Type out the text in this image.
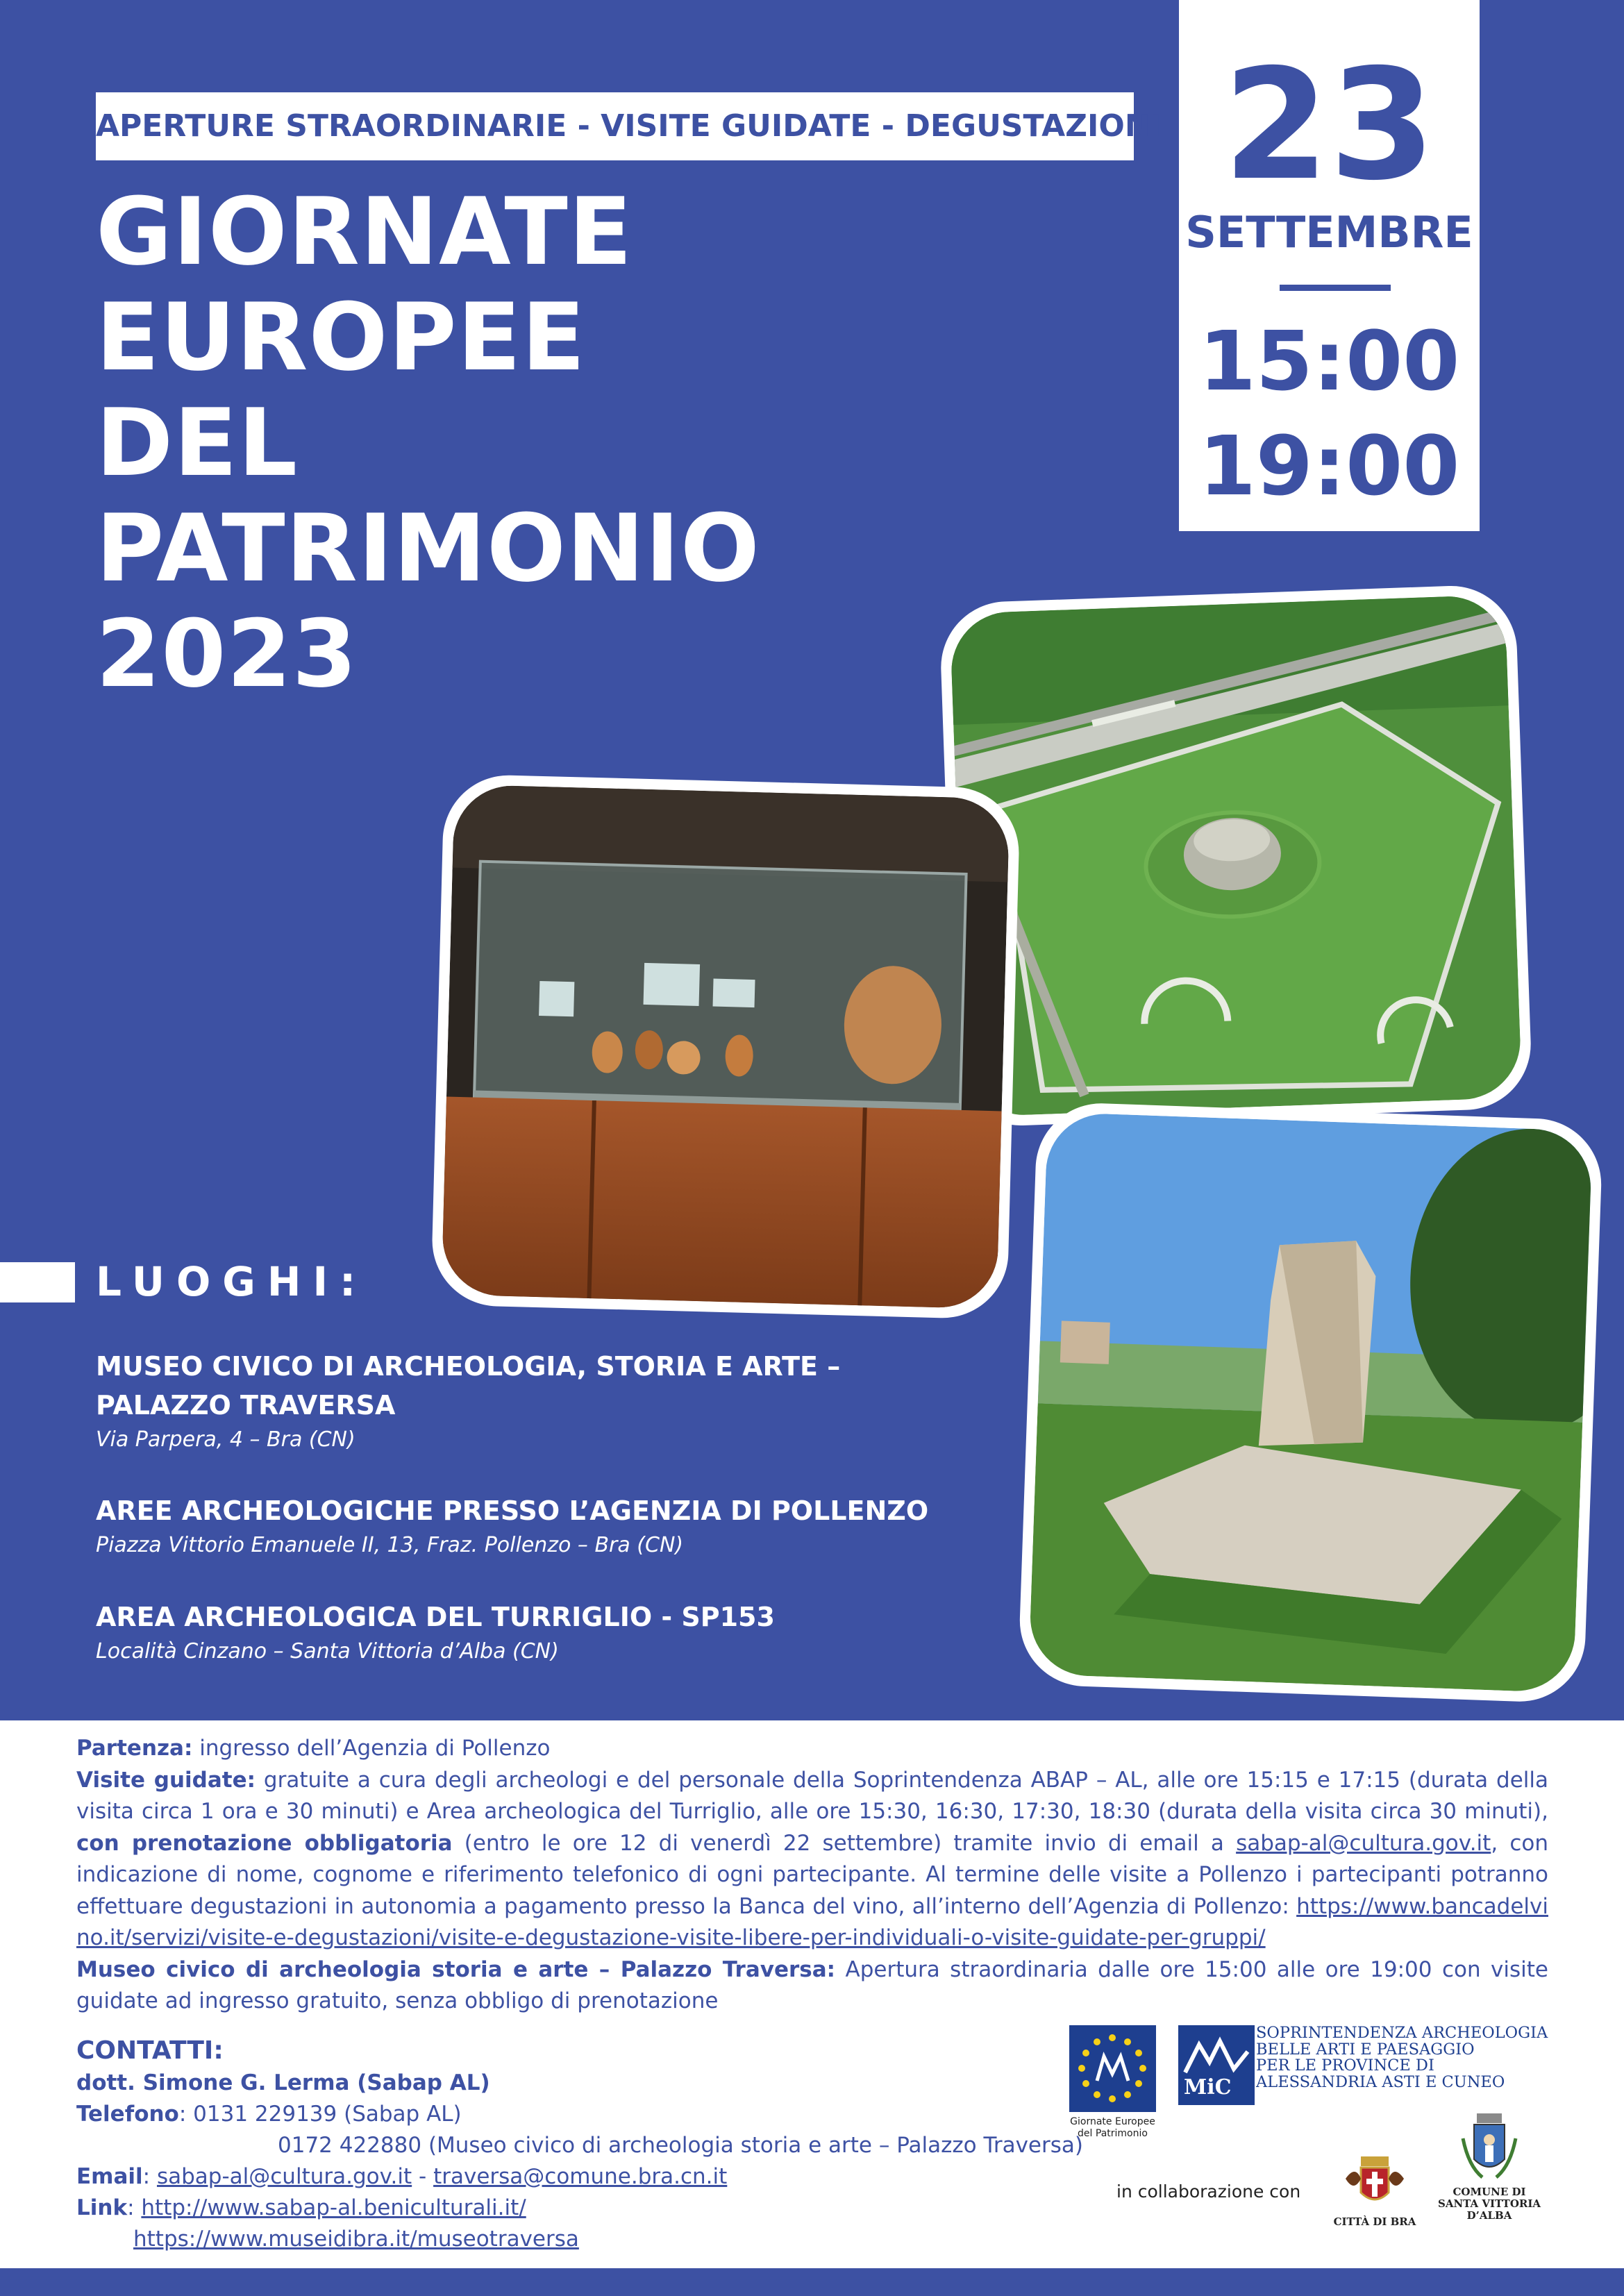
APERTURE STRAORDINARIE - VISITE GUIDATE - DEGUSTAZIONI
GIORNATE
EUROPEE
DEL
PATRIMONIO
2023
23
SETTEMBRE
15:00
19:00
LUOGHI:
MUSEO CIVICO DI ARCHEOLOGIA, STORIA E ARTE –
PALAZZO TRAVERSA
Via Parpera, 4 – Bra (CN)
AREE ARCHEOLOGICHE PRESSO L’AGENZIA DI POLLENZO
Piazza Vittorio Emanuele II, 13, Fraz. Pollenzo – Bra (CN)
AREA ARCHEOLOGICA DEL TURRIGLIO - SP153
Località Cinzano – Santa Vittoria d’Alba (CN)

Partenza: ingresso dell’Agenzia di Pollenzo

Visite guidate: gratuite a cura degli archeologi e del personale della Soprintendenza ABAP – AL, alle ore 15:15 e 17:15 (durata della visita circa 1 ora e 30 minuti) e Area archeologica del Turriglio, alle ore 15:30, 16:30, 17:30, 18:30 (durata della visita circa 30 minuti), con prenotazione obbligatoria (entro le ore 12 di venerdì 22 settembre) tramite invio di email a sabap-al@cultura.gov.it, con indicazione di nome, cognome e riferimento telefonico di ogni partecipante. Al termine delle visite a Pollenzo i partecipanti potranno effettuare degustazioni in autonomia a pagamento presso la Banca del vino, all’interno dell’Agenzia di Pollenzo: https://www.bancadelvino.it/servizi/visite-e-degustazioni/visite-e-degustazione-visite-libere-per-individuali-o-visite-guidate-per-gruppi/

Museo civico di archeologia storia e arte – Palazzo Traversa: Apertura straordinaria dalle ore 15:00 alle ore 19:00 con visite guidate ad ingresso gratuito, senza obbligo di prenotazione

CONTATTI:
dott. Simone G. Lerma (Sabap AL)
Telefono: 0131 229139 (Sabap AL)
0172 422880 (Museo civico di archeologia storia e arte – Palazzo Traversa)
Email: sabap-al@cultura.gov.it - traversa@comune.bra.cn.it
Link: http://www.sabap-al.beniculturali.it/
https://www.museidibra.it/museotraversa
Giornate Europee
del Patrimonio
MiC
SOPRINTENDENZA ARCHEOLOGIA
BELLE ARTI E PAESAGGIO
PER LE PROVINCE DI
ALESSANDRIA ASTI E CUNEO
in collaborazione con
CITTÀ DI BRA
COMUNE DI
SANTA VITTORIA
D’ALBA
